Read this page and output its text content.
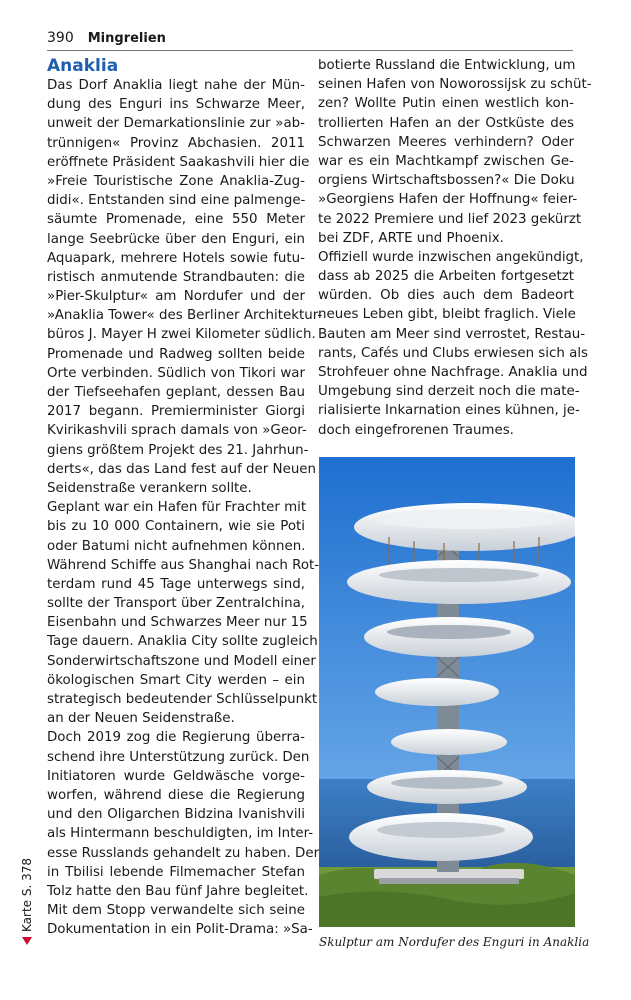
390 Mingrelien
Anaklia
Das Dorf Anaklia liegt nahe der Mün-
dung des Enguri ins Schwarze Meer,
unweit der Demarkationslinie zur »ab-
trünnigen« Provinz Abchasien. 2011
eröffnete Präsident Saakashvili hier die
»Freie Touristische Zone Anaklia-Zug-
didi«. Entstanden sind eine palmenge-
säumte Promenade, eine 550 Meter
lange Seebrücke über den Enguri, ein
Aquapark, mehrere Hotels sowie futu-
ristisch anmutende Strandbauten: die
»Pier-Skulptur« am Nordufer und der
»Anaklia Tower« des Berliner Architektur-
büros J. Mayer H zwei Kilometer südlich.
Promenade und Radweg sollten beide
Orte verbinden. Südlich von Tikori war
der Tiefseehafen geplant, dessen Bau
2017 begann. Premierminister Giorgi
Kvirikashvili sprach damals von »Geor-
giens größtem Projekt des 21. Jahrhun-
derts«, das das Land fest auf der Neuen
Seidenstraße verankern sollte.
Geplant war ein Hafen für Frachter mit
bis zu 10 000 Containern, wie sie Poti
oder Batumi nicht aufnehmen können.
Während Schiffe aus Shanghai nach Rot-
terdam rund 45 Tage unterwegs sind,
sollte der Transport über Zentralchina,
Eisenbahn und Schwarzes Meer nur 15
Tage dauern. Anaklia City sollte zugleich
Sonderwirtschaftszone und Modell einer
ökologischen Smart City werden – ein
strategisch bedeutender Schlüsselpunkt
an der Neuen Seidenstraße.
Doch 2019 zog die Regierung überra-
schend ihre Unterstützung zurück. Den
Initiatoren wurde Geldwäsche vorge-
worfen, während diese die Regierung
und den Oligarchen Bidzina Ivanishvili
als Hintermann beschuldigten, im Inter-
esse Russlands gehandelt zu haben. Der
in Tbilisi lebende Filmemacher Stefan
Tolz hatte den Bau fünf Jahre begleitet.
Mit dem Stopp verwandelte sich seine
Dokumentation in ein Polit-Drama: »Sa-
botierte Russland die Entwicklung, um
seinen Hafen von Noworossijsk zu schüt-
zen? Wollte Putin einen westlich kon-
trollierten Hafen an der Ostküste des
Schwarzen Meeres verhindern? Oder
war es ein Machtkampf zwischen Ge-
orgiens Wirtschaftsbossen?« Die Doku
»Georgiens Hafen der Hoffnung« feier-
te 2022 Premiere und lief 2023 gekürzt
bei ZDF, ARTE und Phoenix.
Offiziell wurde inzwischen angekündigt,
dass ab 2025 die Arbeiten fortgesetzt
würden. Ob dies auch dem Badeort
neues Leben gibt, bleibt fraglich. Viele
Bauten am Meer sind verrostet, Restau-
rants, Cafés und Clubs erwiesen sich als
Strohfeuer ohne Nachfrage. Anaklia und
Umgebung sind derzeit noch die mate-
rialisierte Inkarnation eines kühnen, je-
doch eingefrorenen Traumes.
Skulptur am Nordufer des Enguri in Anaklia
Karte S. 378
